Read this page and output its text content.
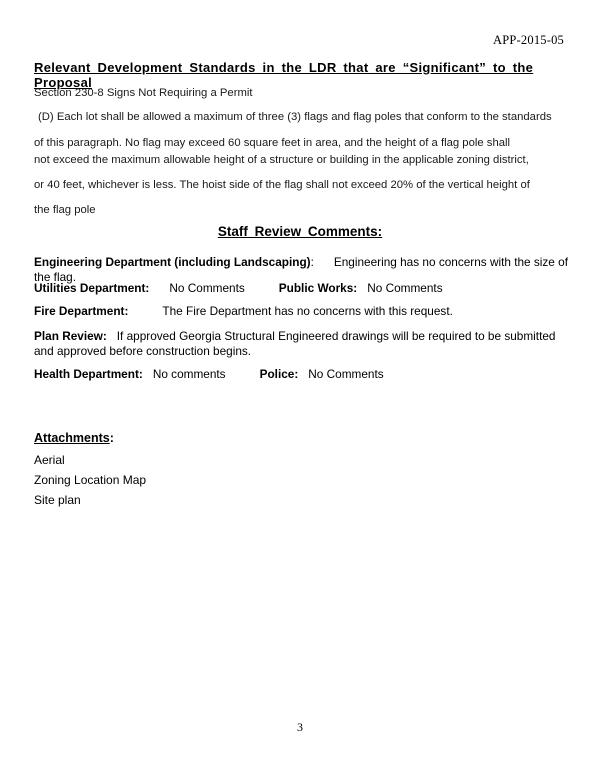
APP-2015-05
Relevant Development Standards in the LDR that are “Significant” to the Proposal
Section 230-8 Signs Not Requiring a Permit
(D) Each lot shall be allowed a maximum of three (3) flags and flag poles that conform to the standards
of this paragraph. No flag may exceed 60 square feet in area, and the height of a flag pole shall
not exceed the maximum allowable height of a structure or building in the applicable zoning district,
or 40 feet, whichever is less. The hoist side of the flag shall not exceed 20% of the vertical height of
the flag pole
Staff Review Comments:
Engineering Department (including Landscaping): Engineering has no concerns with the size of the flag.
Utilities Department: No Comments	Public Works: No Comments
Fire Department:	The Fire Department has no concerns with this request.
Plan Review: If approved Georgia Structural Engineered drawings will be required to be submitted and approved before construction begins.
Health Department: No comments	Police: No Comments
Attachments:
Aerial
Zoning Location Map
Site plan
3
